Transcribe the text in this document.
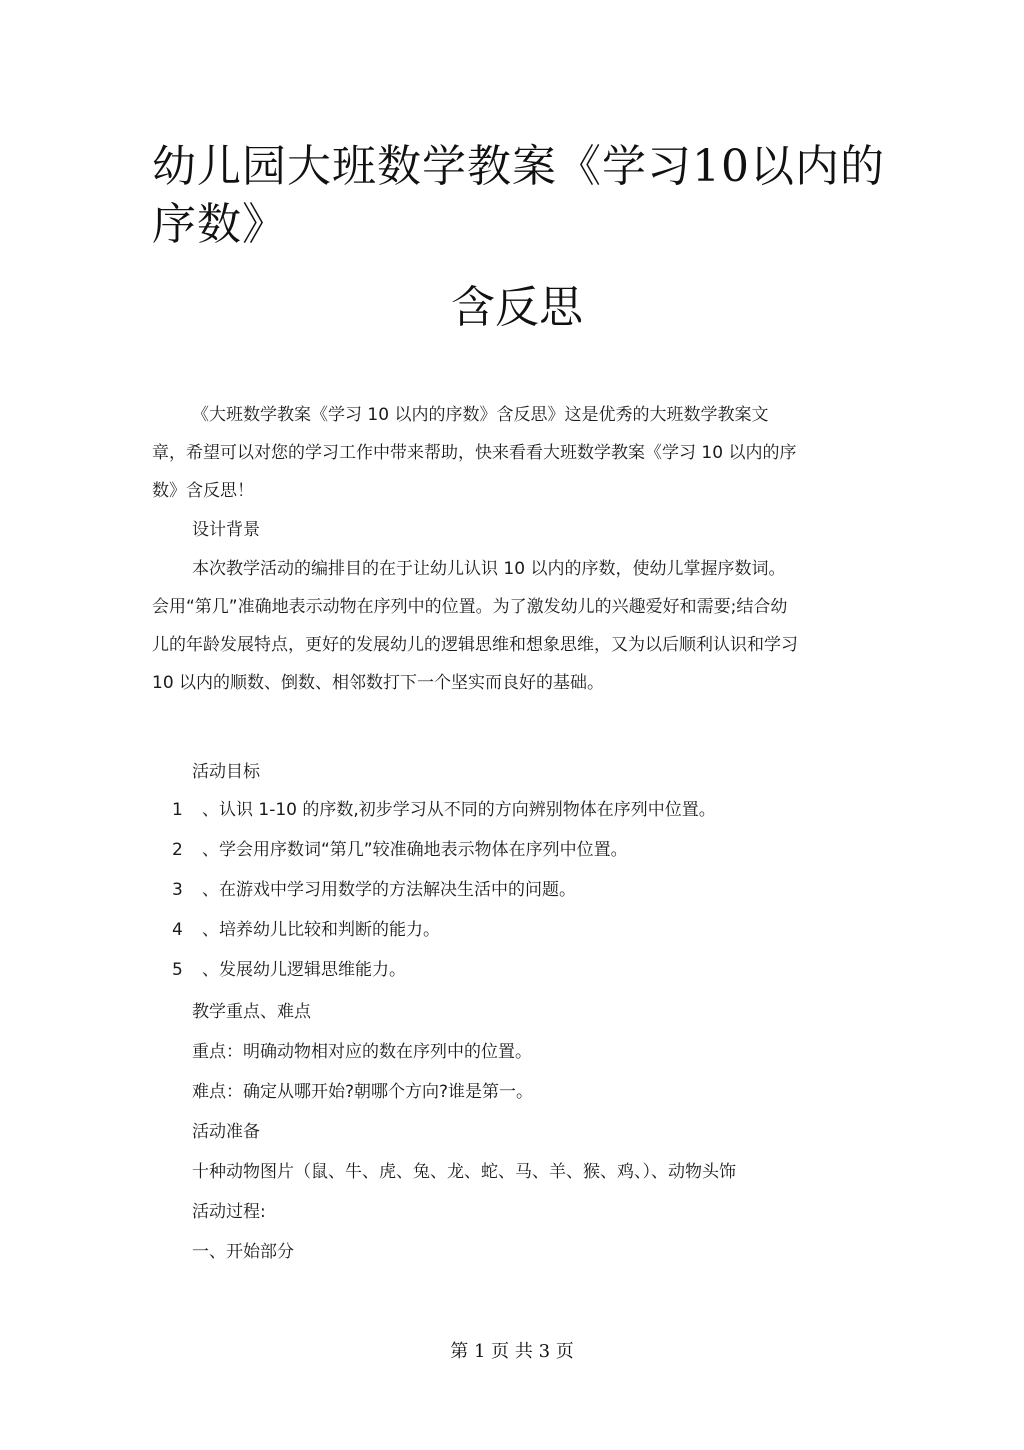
幼儿园大班数学教案《学习10以内的序数》
含反思

《大班数学教案《学习 10 以内的序数》含反思》这是优秀的大班数学教案文章，希望可以对您的学习工作中带来帮助，快来看看大班数学教案《学习 10 以内的序数》含反思！

设计背景

本次教学活动的编排目的在于让幼儿认识 10 以内的序数，使幼儿掌握序数词。会用“第几”准确地表示动物在序列中的位置。为了激发幼儿的兴趣爱好和需要;结合幼儿的年龄发展特点，更好的发展幼儿的逻辑思维和想象思维，又为以后顺利认识和学习 10 以内的顺数、倒数、相邻数打下一个坚实而良好的基础。

活动目标

1 、认识 1-10 的序数,初步学习从不同的方向辨别物体在序列中位置。

2 、学会用序数词“第几”较准确地表示物体在序列中位置。

3 、在游戏中学习用数学的方法解决生活中的问题。

4 、培养幼儿比较和判断的能力。

5 、发展幼儿逻辑思维能力。

教学重点、难点

重点：明确动物相对应的数在序列中的位置。

难点：确定从哪开始?朝哪个方向?谁是第一。

活动准备

十种动物图片（鼠、牛、虎、兔、龙、蛇、马、羊、猴、鸡、）、动物头饰

活动过程:

一、开始部分

第 1 页 共 3 页
